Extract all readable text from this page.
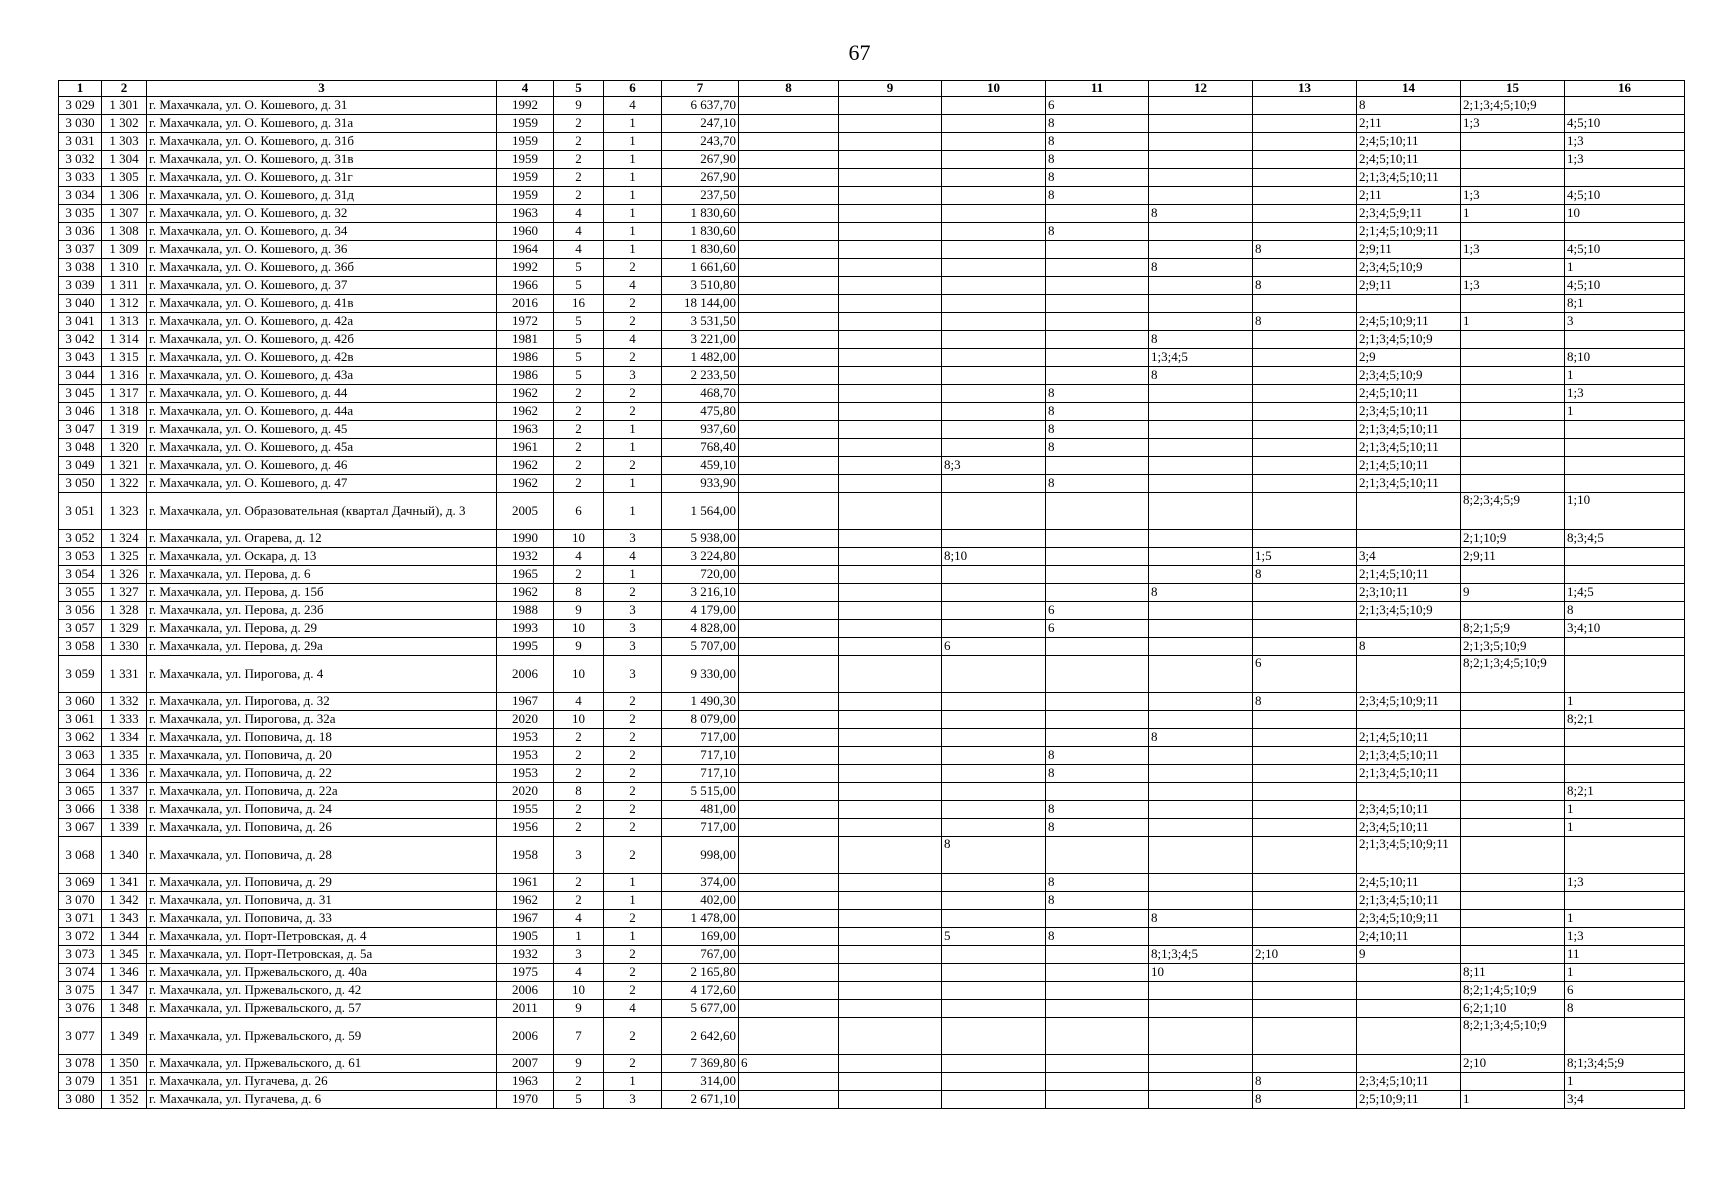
67
1	2	3	4	5	6	7	8	9	10	11	12	13	14	15	16
3 029	1 301	г. Махачкала, ул. О. Кошевого, д. 31	1992	9	4	6 637,70				6			8	2;1;3;4;5;10;9	
3 030	1 302	г. Махачкала, ул. О. Кошевого, д. 31а	1959	2	1	247,10				8			2;11	1;3	4;5;10
3 031	1 303	г. Махачкала, ул. О. Кошевого, д. 31б	1959	2	1	243,70				8			2;4;5;10;11		1;3
3 032	1 304	г. Махачкала, ул. О. Кошевого, д. 31в	1959	2	1	267,90				8			2;4;5;10;11		1;3
3 033	1 305	г. Махачкала, ул. О. Кошевого, д. 31г	1959	2	1	267,90				8			2;1;3;4;5;10;11		
3 034	1 306	г. Махачкала, ул. О. Кошевого, д. 31д	1959	2	1	237,50				8			2;11	1;3	4;5;10
3 035	1 307	г. Махачкала, ул. О. Кошевого, д. 32	1963	4	1	1 830,60					8		2;3;4;5;9;11	1	10
3 036	1 308	г. Махачкала, ул. О. Кошевого, д. 34	1960	4	1	1 830,60				8			2;1;4;5;10;9;11		
3 037	1 309	г. Махачкала, ул. О. Кошевого, д. 36	1964	4	1	1 830,60						8	2;9;11	1;3	4;5;10
3 038	1 310	г. Махачкала, ул. О. Кошевого, д. 36б	1992	5	2	1 661,60					8		2;3;4;5;10;9		1
3 039	1 311	г. Махачкала, ул. О. Кошевого, д. 37	1966	5	4	3 510,80						8	2;9;11	1;3	4;5;10
3 040	1 312	г. Махачкала, ул. О. Кошевого, д. 41в	2016	16	2	18 144,00									8;1
3 041	1 313	г. Махачкала, ул. О. Кошевого, д. 42а	1972	5	2	3 531,50						8	2;4;5;10;9;11	1	3
3 042	1 314	г. Махачкала, ул. О. Кошевого, д. 42б	1981	5	4	3 221,00					8		2;1;3;4;5;10;9		
3 043	1 315	г. Махачкала, ул. О. Кошевого, д. 42в	1986	5	2	1 482,00					1;3;4;5		2;9		8;10
3 044	1 316	г. Махачкала, ул. О. Кошевого, д. 43а	1986	5	3	2 233,50					8		2;3;4;5;10;9		1
3 045	1 317	г. Махачкала, ул. О. Кошевого, д. 44	1962	2	2	468,70				8			2;4;5;10;11		1;3
3 046	1 318	г. Махачкала, ул. О. Кошевого, д. 44а	1962	2	2	475,80				8			2;3;4;5;10;11		1
3 047	1 319	г. Махачкала, ул. О. Кошевого, д. 45	1963	2	1	937,60				8			2;1;3;4;5;10;11		
3 048	1 320	г. Махачкала, ул. О. Кошевого, д. 45а	1961	2	1	768,40				8			2;1;3;4;5;10;11		
3 049	1 321	г. Махачкала, ул. О. Кошевого, д. 46	1962	2	2	459,10			8;3				2;1;4;5;10;11		
3 050	1 322	г. Махачкала, ул. О. Кошевого, д. 47	1962	2	1	933,90				8			2;1;3;4;5;10;11		
3 051	1 323	г. Махачкала, ул. Образовательная (квартал Дачный), д. 3	2005	6	1	1 564,00								8;2;3;4;5;9	1;10
3 052	1 324	г. Махачкала, ул. Огарева, д. 12	1990	10	3	5 938,00								2;1;10;9	8;3;4;5
3 053	1 325	г. Махачкала, ул. Оскара, д. 13	1932	4	4	3 224,80			8;10			1;5	3;4	2;9;11	
3 054	1 326	г. Махачкала, ул. Перова, д. 6	1965	2	1	720,00						8	2;1;4;5;10;11		
3 055	1 327	г. Махачкала, ул. Перова, д. 15б	1962	8	2	3 216,10					8		2;3;10;11	9	1;4;5
3 056	1 328	г. Махачкала, ул. Перова, д. 23б	1988	9	3	4 179,00				6			2;1;3;4;5;10;9		8
3 057	1 329	г. Махачкала, ул. Перова, д. 29	1993	10	3	4 828,00				6				8;2;1;5;9	3;4;10
3 058	1 330	г. Махачкала, ул. Перова, д. 29а	1995	9	3	5 707,00			6				8	2;1;3;5;10;9	
3 059	1 331	г. Махачкала, ул. Пирогова, д. 4	2006	10	3	9 330,00						6		8;2;1;3;4;5;10;9	
3 060	1 332	г. Махачкала, ул. Пирогова, д. 32	1967	4	2	1 490,30						8	2;3;4;5;10;9;11		1
3 061	1 333	г. Махачкала, ул. Пирогова, д. 32а	2020	10	2	8 079,00									8;2;1
3 062	1 334	г. Махачкала, ул. Поповича, д. 18	1953	2	2	717,00					8		2;1;4;5;10;11		
3 063	1 335	г. Махачкала, ул. Поповича, д. 20	1953	2	2	717,10				8			2;1;3;4;5;10;11		
3 064	1 336	г. Махачкала, ул. Поповича, д. 22	1953	2	2	717,10				8			2;1;3;4;5;10;11		
3 065	1 337	г. Махачкала, ул. Поповича, д. 22а	2020	8	2	5 515,00									8;2;1
3 066	1 338	г. Махачкала, ул. Поповича, д. 24	1955	2	2	481,00				8			2;3;4;5;10;11		1
3 067	1 339	г. Махачкала, ул. Поповича, д. 26	1956	2	2	717,00				8			2;3;4;5;10;11		1
3 068	1 340	г. Махачкала, ул. Поповича, д. 28	1958	3	2	998,00			8				2;1;3;4;5;10;9;11		
3 069	1 341	г. Махачкала, ул. Поповича, д. 29	1961	2	1	374,00				8			2;4;5;10;11		1;3
3 070	1 342	г. Махачкала, ул. Поповича, д. 31	1962	2	1	402,00				8			2;1;3;4;5;10;11		
3 071	1 343	г. Махачкала, ул. Поповича, д. 33	1967	4	2	1 478,00					8		2;3;4;5;10;9;11		1
3 072	1 344	г. Махачкала, ул. Порт-Петровская, д. 4	1905	1	1	169,00			5	8			2;4;10;11		1;3
3 073	1 345	г. Махачкала, ул. Порт-Петровская, д. 5а	1932	3	2	767,00					8;1;3;4;5	2;10	9		11
3 074	1 346	г. Махачкала, ул. Пржевальского, д. 40а	1975	4	2	2 165,80					10			8;11	1
3 075	1 347	г. Махачкала, ул. Пржевальского, д. 42	2006	10	2	4 172,60								8;2;1;4;5;10;9	6
3 076	1 348	г. Махачкала, ул. Пржевальского, д. 57	2011	9	4	5 677,00								6;2;1;10	8
3 077	1 349	г. Махачкала, ул. Пржевальского, д. 59	2006	7	2	2 642,60								8;2;1;3;4;5;10;9	
3 078	1 350	г. Махачкала, ул. Пржевальского, д. 61	2007	9	2	7 369,80	6							2;10	8;1;3;4;5;9
3 079	1 351	г. Махачкала, ул. Пугачева, д. 26	1963	2	1	314,00						8	2;3;4;5;10;11		1
3 080	1 352	г. Махачкала, ул. Пугачева, д. 6	1970	5	3	2 671,10						8	2;5;10;9;11	1	3;4
